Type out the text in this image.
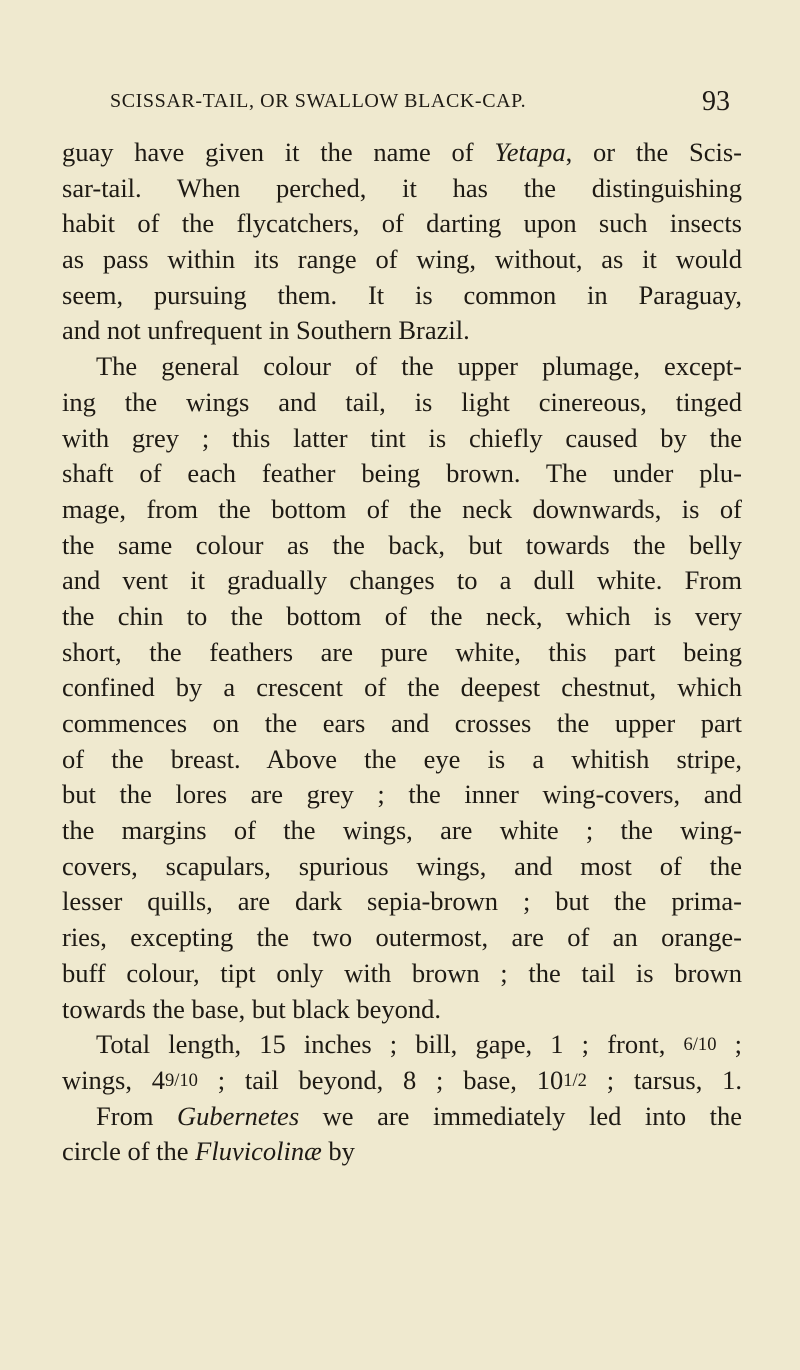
SCISSAR-TAIL, OR SWALLOW BLACK-CAP.	93
guay have given it the name of Yetapa, or the Scis-
sar-tail. When perched, it has the distinguishing
habit of the flycatchers, of darting upon such insects
as pass within its range of wing, without, as it would
seem, pursuing them. It is common in Paraguay,
and not unfrequent in Southern Brazil.
The general colour of the upper plumage, except-
ing the wings and tail, is light cinereous, tinged
with grey ; this latter tint is chiefly caused by the
shaft of each feather being brown. The under plu-
mage, from the bottom of the neck downwards, is of
the same colour as the back, but towards the belly
and vent it gradually changes to a dull white. From
the chin to the bottom of the neck, which is very
short, the feathers are pure white, this part being
confined by a crescent of the deepest chestnut, which
commences on the ears and crosses the upper part
of the breast. Above the eye is a whitish stripe,
but the lores are grey ; the inner wing-covers, and
the margins of the wings, are white ; the wing-
covers, scapulars, spurious wings, and most of the
lesser quills, are dark sepia-brown ; but the prima-
ries, excepting the two outermost, are of an orange-
buff colour, tipt only with brown ; the tail is brown
towards the base, but black beyond.
Total length, 15 inches ; bill, gape, 1 ; front, 6/10 ;
wings, 49/10 ; tail beyond, 8 ; base, 101/2 ; tarsus, 1.
From Gubernetes we are immediately led into the
circle of the Fluvicolinæ by
